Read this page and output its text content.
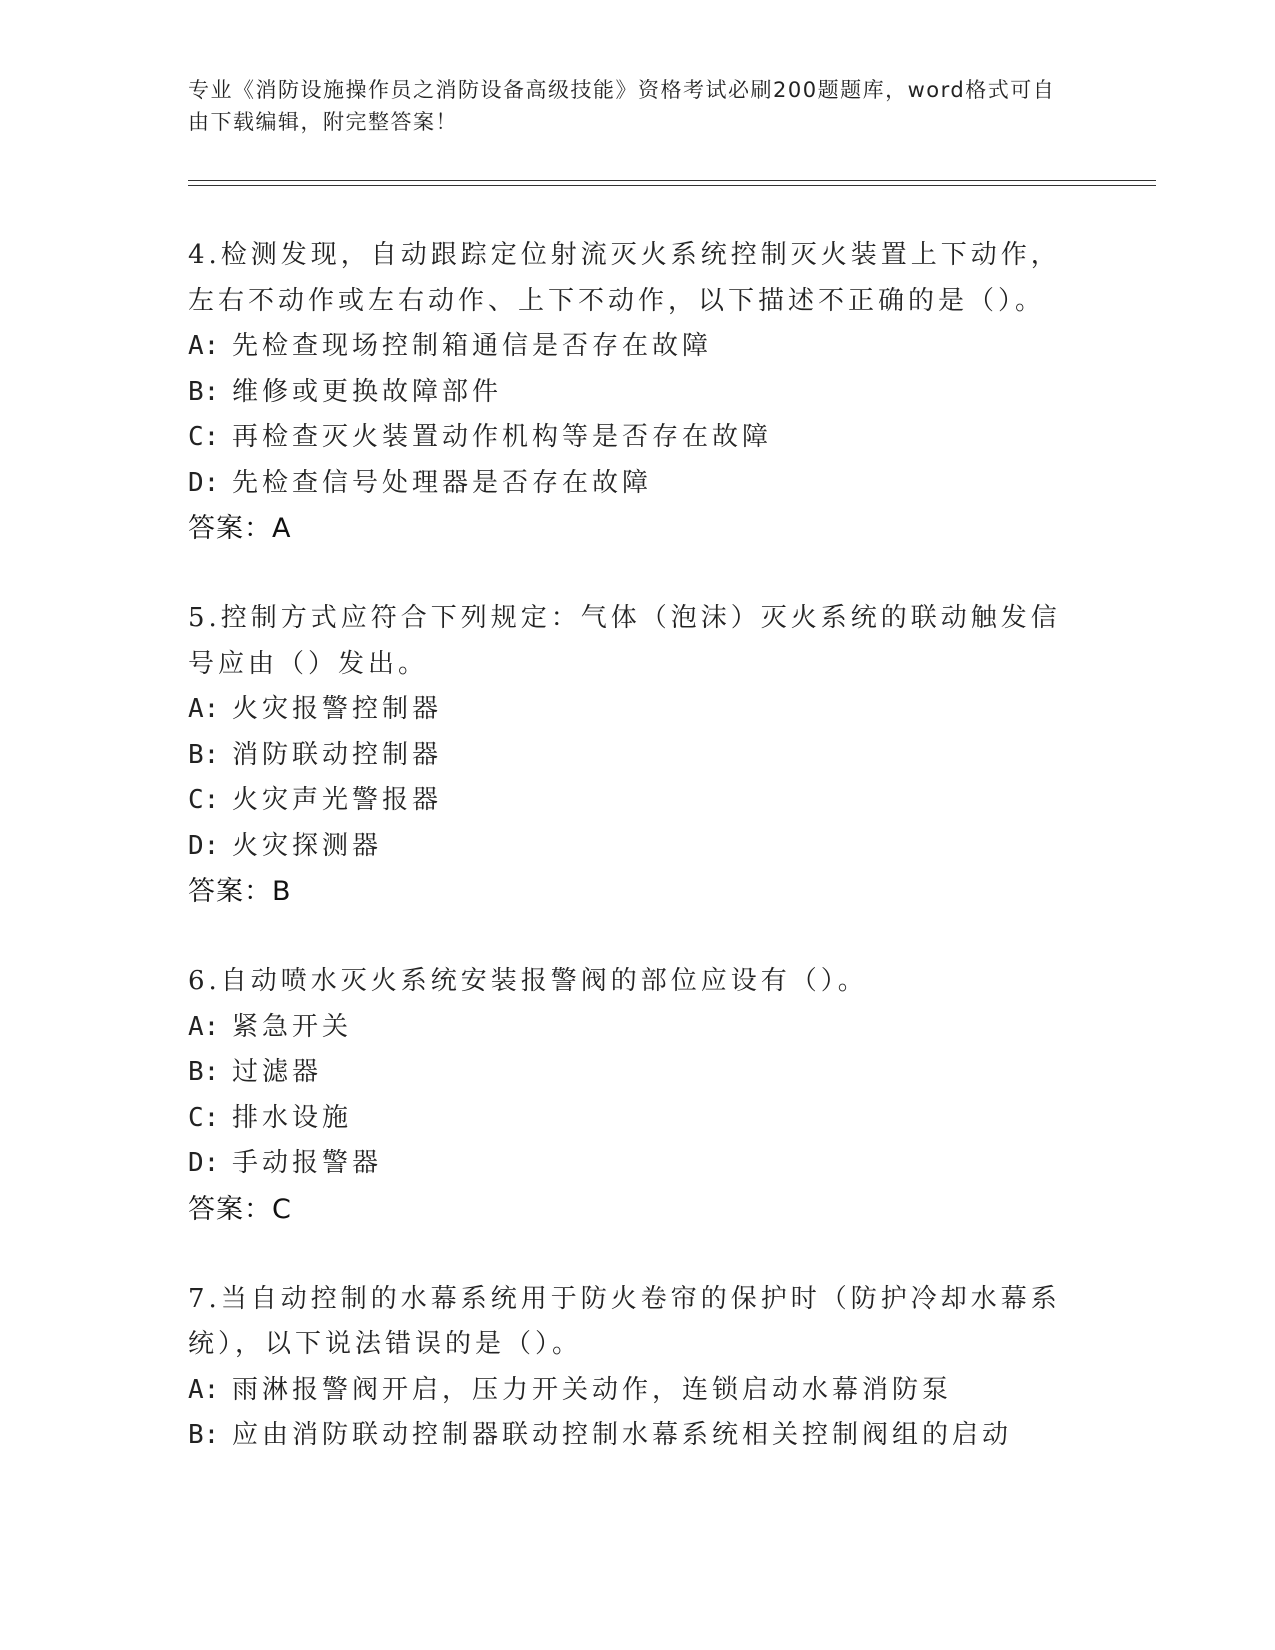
专业《消防设施操作员之消防设备高级技能》资格考试必刷200题题库，word格式可自由下载编辑，附完整答案！
4.检测发现，自动跟踪定位射流灭火系统控制灭火装置上下动作，左右不动作或左右动作、上下不动作，以下描述不正确的是（）。
A: 先检查现场控制箱通信是否存在故障
B: 维修或更换故障部件
C: 再检查灭火装置动作机构等是否存在故障
D: 先检查信号处理器是否存在故障
答案：A
5.控制方式应符合下列规定：气体（泡沫）灭火系统的联动触发信号应由（）发出。
A: 火灾报警控制器
B: 消防联动控制器
C: 火灾声光警报器
D: 火灾探测器
答案：B
6.自动喷水灭火系统安装报警阀的部位应设有（）。
A: 紧急开关
B: 过滤器
C: 排水设施
D: 手动报警器
答案：C
7.当自动控制的水幕系统用于防火卷帘的保护时（防护冷却水幕系统），以下说法错误的是（）。
A: 雨淋报警阀开启，压力开关动作，连锁启动水幕消防泵
B: 应由消防联动控制器联动控制水幕系统相关控制阀组的启动
